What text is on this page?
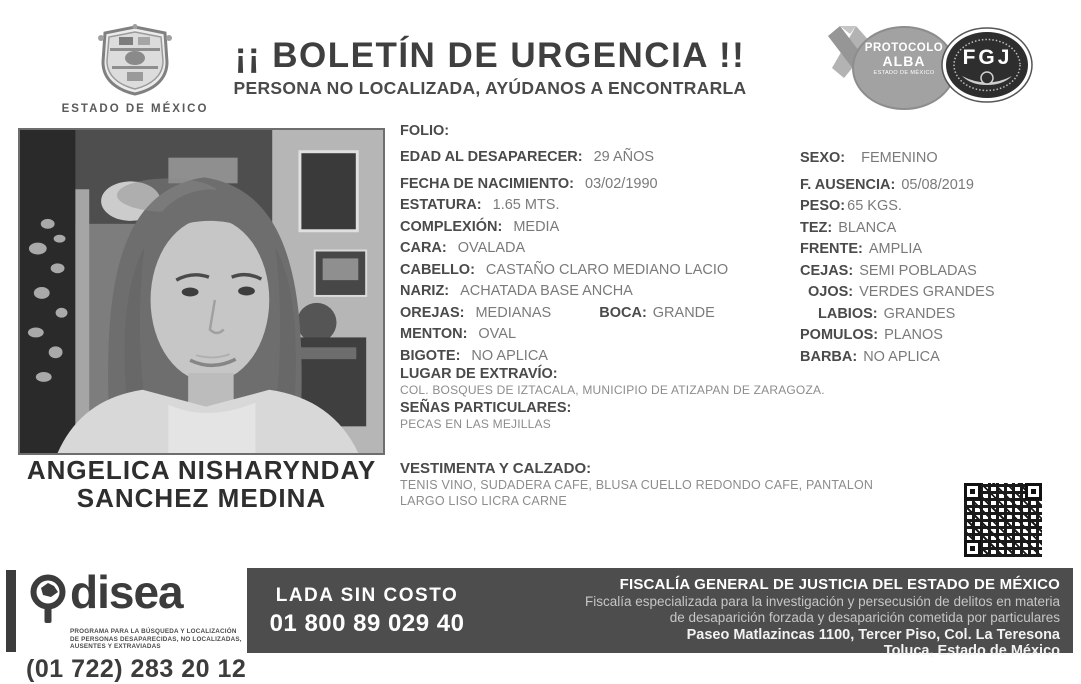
ESTADO DE MÉXICO
¡¡ BOLETÍN DE URGENCIA !!
PERSONA NO LOCALIZADA, AYÚDANOS A ENCONTRARLA
PROTOCOLO
ALBA
ESTADO DE MÉXICO
FGJ
ANGELICA NISHARYNDAY
SANCHEZ MEDINA
FOLIO:
EDAD AL DESAPARECER: 29 AÑOS
FECHA DE NACIMIENTO: 03/02/1990
ESTATURA: 1.65 MTS.
COMPLEXIÓN: MEDIA
CARA: OVALADA
CABELLO: CASTAÑO CLARO MEDIANO LACIO
NARIZ: ACHATADA BASE ANCHA
OREJAS: MEDIANAS	BOCA: GRANDE
MENTON: OVAL
BIGOTE: NO APLICA
SEXO: FEMENINO
F. AUSENCIA: 05/08/2019
PESO: 65 KGS.
TEZ: BLANCA
FRENTE: AMPLIA
CEJAS: SEMI POBLADAS
OJOS: VERDES GRANDES
LABIOS: GRANDES
POMULOS: PLANOS
BARBA: NO APLICA
LUGAR DE EXTRAVÍO:
COL. BOSQUES DE IZTACALA, MUNICIPIO DE ATIZAPAN DE ZARAGOZA.
SEÑAS PARTICULARES:
PECAS EN LAS MEJILLAS
VESTIMENTA Y CALZADO:
TENIS VINO, SUDADERA CAFE, BLUSA CUELLO REDONDO CAFE, PANTALON
LARGO LISO LICRA CARNE
disea
PROGRAMA PARA LA BÚSQUEDA Y LOCALIZACIÓN
DE PERSONAS DESAPARECIDAS, NO LOCALIZADAS,
AUSENTES Y EXTRAVIADAS
(01 722) 283 20 12
LADA SIN COSTO
01 800 89 029 40
FISCALÍA GENERAL DE JUSTICIA DEL ESTADO DE MÉXICO
Fiscalía especializada para la investigación y persecusión de delitos en materia
de desaparición forzada y desaparición cometida por particulares
Paseo Matlazincas 1100, Tercer Piso, Col. La Teresona
Toluca, Estado de México
